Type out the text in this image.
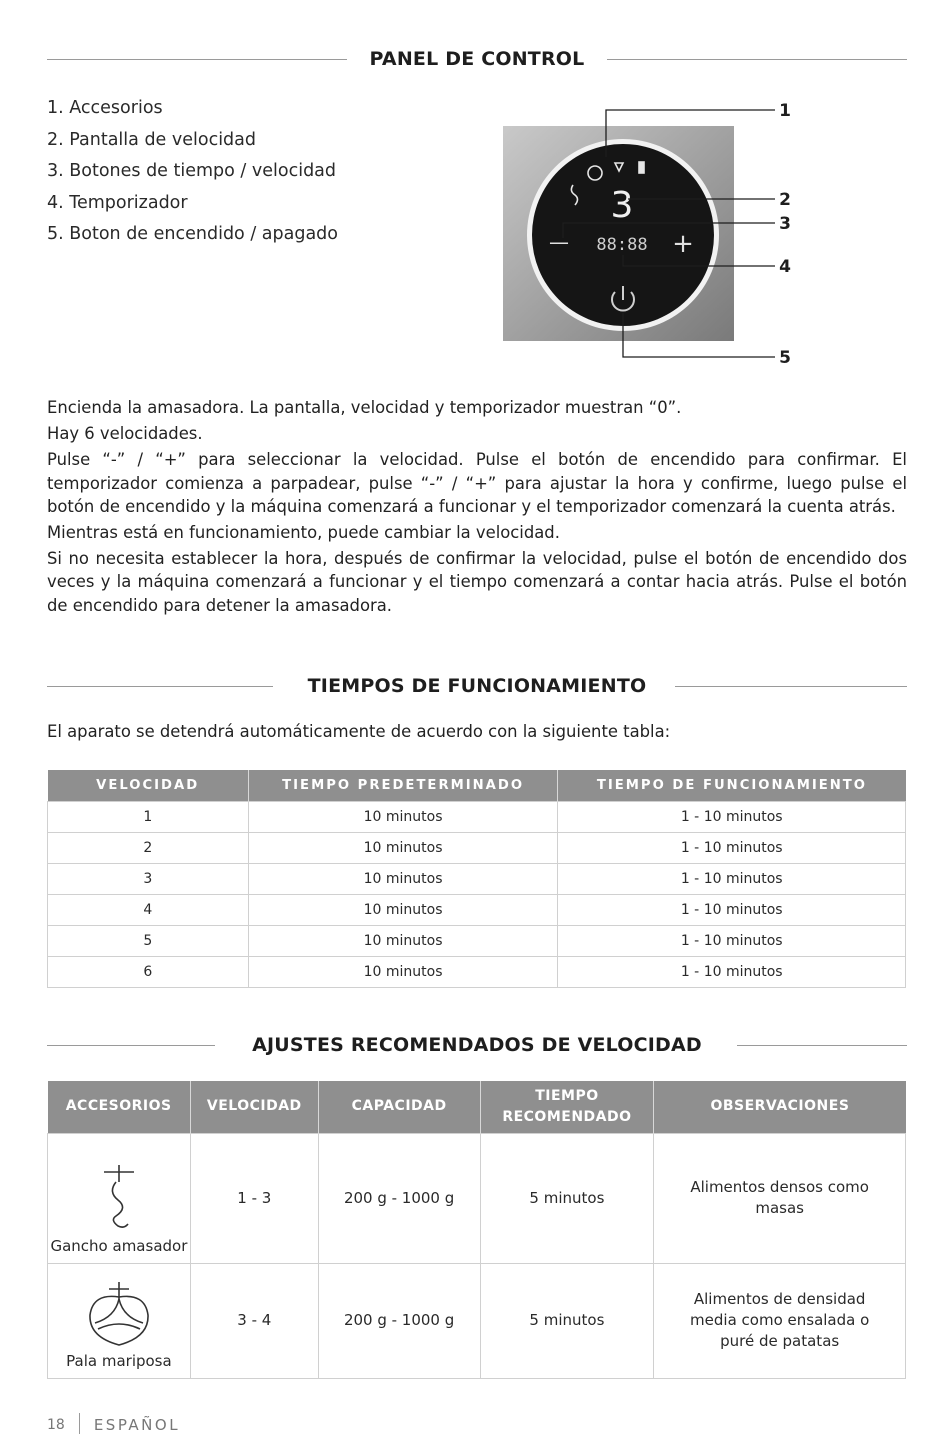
PANEL DE CONTROL
1. Accesorios
2. Pantalla de velocidad
3. Botones de tiempo / velocidad
4. Temporizador
5. Boton de encendido / apagado
3
— 88:88 +
1
2
3
4
5

Encienda la amasadora. La pantalla, velocidad y temporizador muestran “0”.

Hay 6 velocidades.

Pulse “-” / “+” para seleccionar la velocidad. Pulse el botón de encendido para confirmar. El temporizador comienza a parpadear, pulse “-” / “+” para ajustar la hora y confirme, luego pulse el botón de encendido y la máquina comenzará a funcionar y el temporizador comenzará la cuenta atrás.

Mientras está en funcionamiento, puede cambiar la velocidad.

Si no necesita establecer la hora, después de confirmar la velocidad, pulse el botón de encendido dos veces y la máquina comenzará a funcionar y el tiempo comenzará a contar hacia atrás. Pulse el botón de encendido para detener la amasadora.

TIEMPOS DE FUNCIONAMIENTO
El aparato se detendrá automáticamente de acuerdo con la siguiente tabla:
VELOCIDAD	TIEMPO PREDETERMINADO	TIEMPO DE FUNCIONAMIENTO
1	10 minutos	1 - 10 minutos
2	10 minutos	1 - 10 minutos
3	10 minutos	1 - 10 minutos
4	10 minutos	1 - 10 minutos
5	10 minutos	1 - 10 minutos
6	10 minutos	1 - 10 minutos
AJUSTES RECOMENDADOS DE VELOCIDAD
ACCESORIOS	VELOCIDAD	CAPACIDAD	TIEMPO RECOMENDADO	OBSERVACIONES

Gancho amasador	1 - 3	200 g - 1000 g	5 minutos	Alimentos densos como masas

Pala mariposa	3 - 4	200 g - 1000 g	5 minutos	Alimentos de densidad media como ensalada o puré de patatas
18 ESPAÑOL
